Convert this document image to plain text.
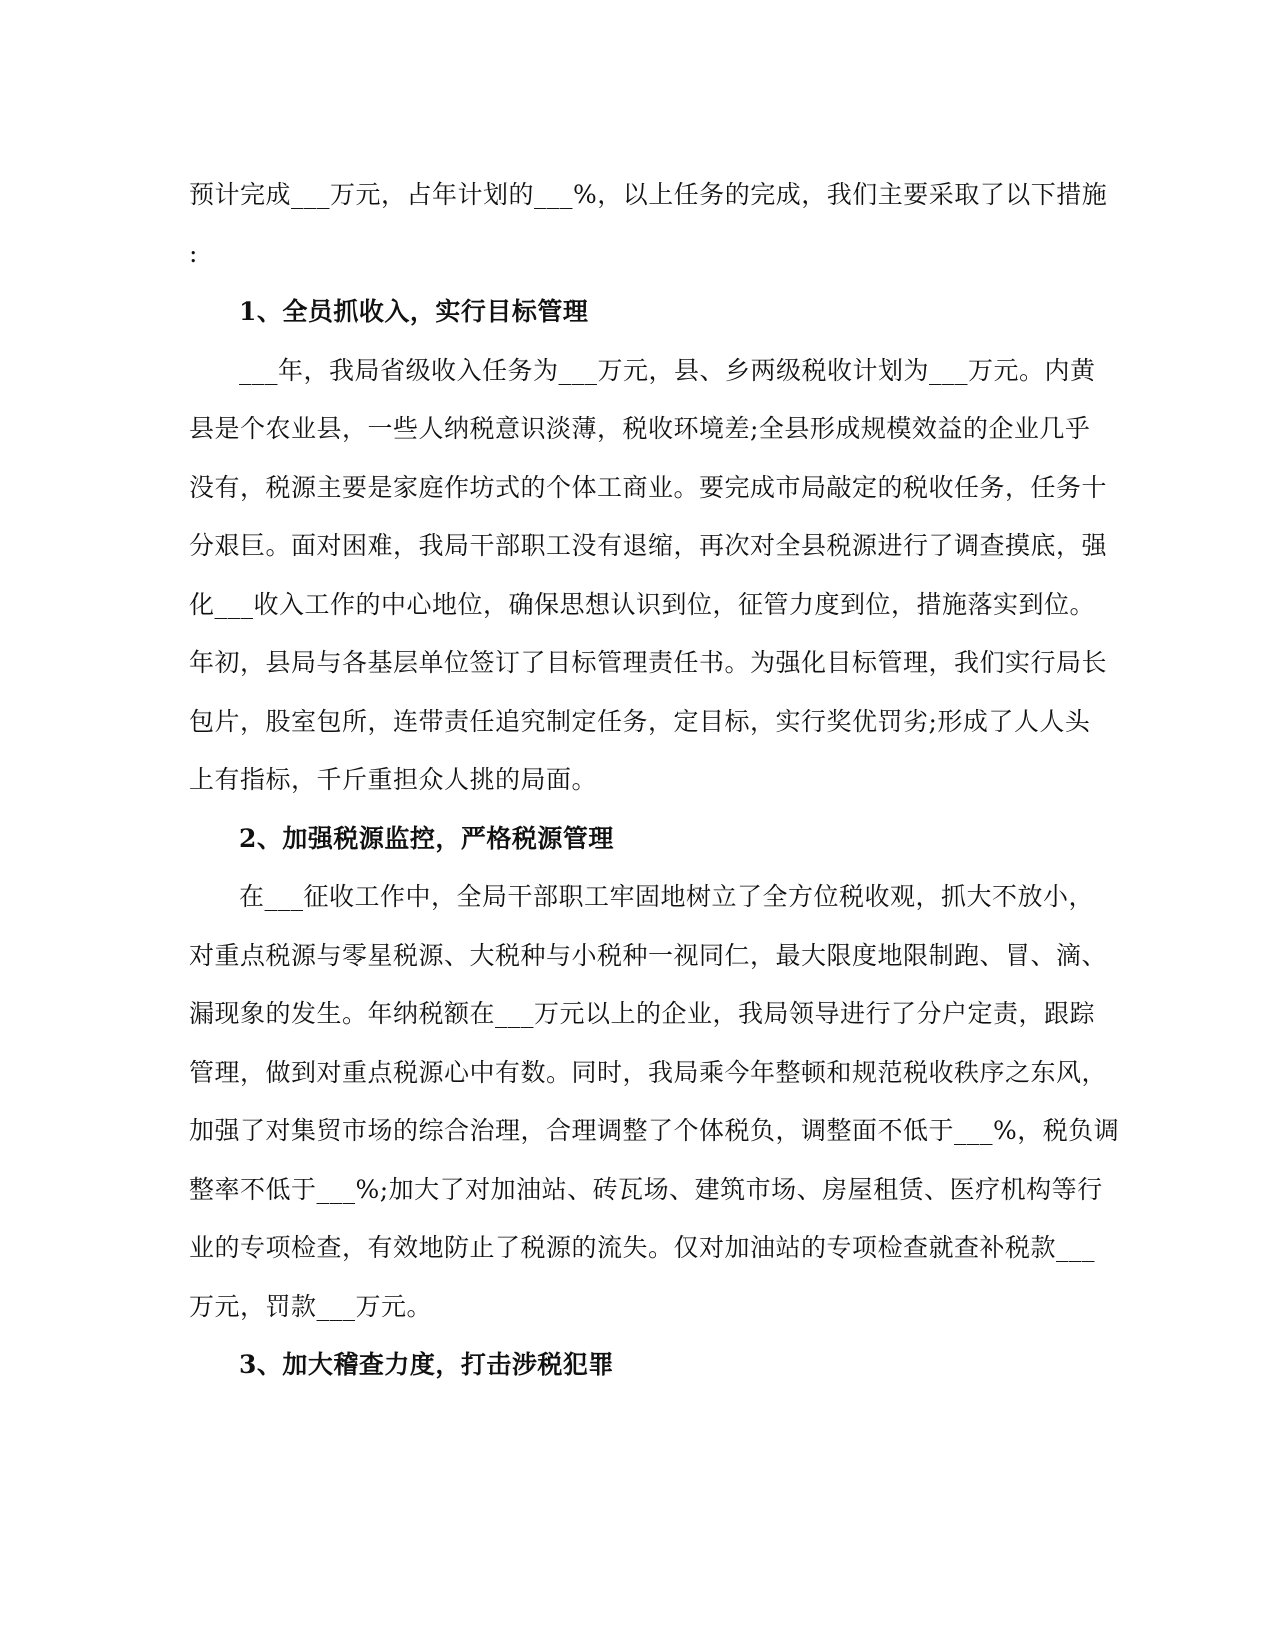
预计完成___万元，占年计划的___%，以上任务的完成，我们主要采取了以下措施
:
1、全员抓收入，实行目标管理
___年，我局省级收入任务为___万元，县、乡两级税收计划为___万元。内黄
县是个农业县，一些人纳税意识淡薄，税收环境差;全县形成规模效益的企业几乎
没有，税源主要是家庭作坊式的个体工商业。要完成市局敲定的税收任务，任务十
分艰巨。面对困难，我局干部职工没有退缩，再次对全县税源进行了调查摸底，强
化___收入工作的中心地位，确保思想认识到位，征管力度到位，措施落实到位。
年初，县局与各基层单位签订了目标管理责任书。为强化目标管理，我们实行局长
包片，股室包所，连带责任追究制定任务，定目标，实行奖优罚劣;形成了人人头
上有指标，千斤重担众人挑的局面。
2、加强税源监控，严格税源管理
在___征收工作中，全局干部职工牢固地树立了全方位税收观，抓大不放小，
对重点税源与零星税源、大税种与小税种一视同仁，最大限度地限制跑、冒、滴、
漏现象的发生。年纳税额在___万元以上的企业，我局领导进行了分户定责，跟踪
管理，做到对重点税源心中有数。同时，我局乘今年整顿和规范税收秩序之东风，
加强了对集贸市场的综合治理，合理调整了个体税负，调整面不低于___%，税负调
整率不低于___%;加大了对加油站、砖瓦场、建筑市场、房屋租赁、医疗机构等行
业的专项检查，有效地防止了税源的流失。仅对加油站的专项检查就查补税款___
万元，罚款___万元。
3、加大稽查力度，打击涉税犯罪
